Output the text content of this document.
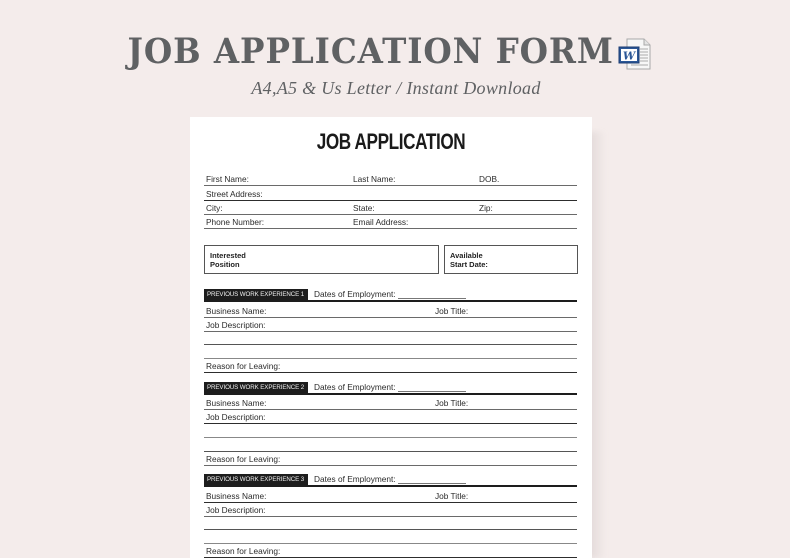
JOB APPLICATION FORM W
A4,A5 & Us Letter / Instant Download
JOB APPLICATION
First Name:	Last Name:	DOB.
Street Address:
City:	State:	Zip:
Phone Number:	Email Address:
Interested
Position
Available
Start Date:
PREVIOUS WORK EXPERIENCE 1	Dates of Employment:
Business Name:	Job Title:
Job Description:
Reason for Leaving:
PREVIOUS WORK EXPERIENCE 2	Dates of Employment:
Business Name:	Job Title:
Job Description:
Reason for Leaving:
PREVIOUS WORK EXPERIENCE 3	Dates of Employment:
Business Name:	Job Title:
Job Description:
Reason for Leaving:
